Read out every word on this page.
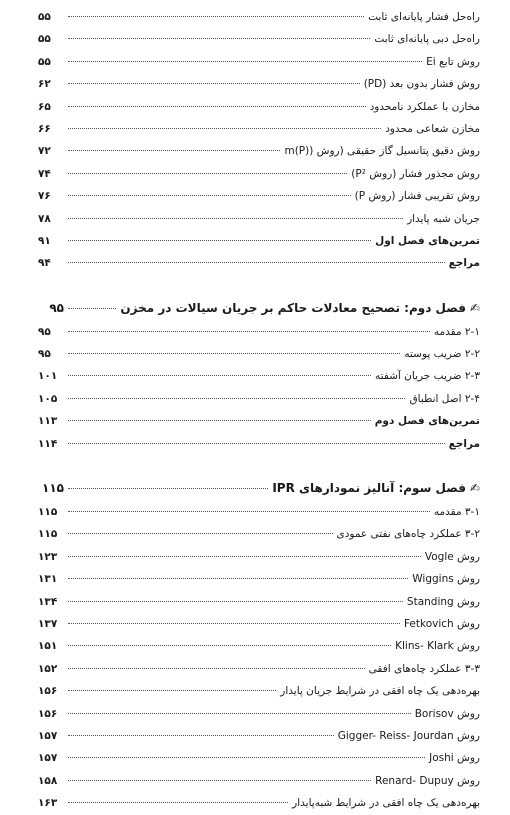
۵۵	راه‌حل فشار پایانه‌ای ثابت
۵۵	راه‌حل دبی پایانه‌ای ثابت
۵۵	روش تابع Ei
۶۲	روش فشار بدون بعد (PD)
۶۵	مخازن با عملکرد نامحدود
۶۶	مخازن شعاعی محدود
۷۲	روش دقیق پتانسیل گاز حقیقی (روش (m(P)
۷۴	روش مجذور فشار (روش P²)
۷۶	روش تقریبی فشار (روش P)
۷۸	جریان شبه پایدار
۹۱	تمرین‌های فصل اول
۹۴	مراجع
۹۵	✍فصل دوم: تصحیح معادلات حاکم بر جریان سیالات در مخزن
۹۵	۲-۱ مقدمه
۹۵	۲-۲ ضریب پوسته
۱۰۱	۲-۳ ضریب جریان آشفته
۱۰۵	۲-۴ اصل انطباق
۱۱۳	تمرین‌های فصل دوم
۱۱۴	مراجع
۱۱۵	✍فصل سوم: آنالیز نمودارهای IPR
۱۱۵	۳-۱ مقدمه
۱۱۵	۳-۲ عملکرد چاه‌های نفتی عمودی
۱۲۳	روش Vogle
۱۳۱	روش Wiggins
۱۳۴	روش Standing
۱۳۷	روش Fetkovich
۱۵۱	روش Klins- Klark
۱۵۲	۳-۳ عملکرد چاه‌های افقی
۱۵۶	بهره‌دهی یک چاه افقی در شرایط جریان پایدار
۱۵۶	روش Borisov
۱۵۷	روش Gigger- Reiss- Jourdan
۱۵۷	روش Joshi
۱۵۸	روش Renard- Dupuy
۱۶۳	بهره‌دهی یک چاه افقی در شرایط شبه‌پایدار
